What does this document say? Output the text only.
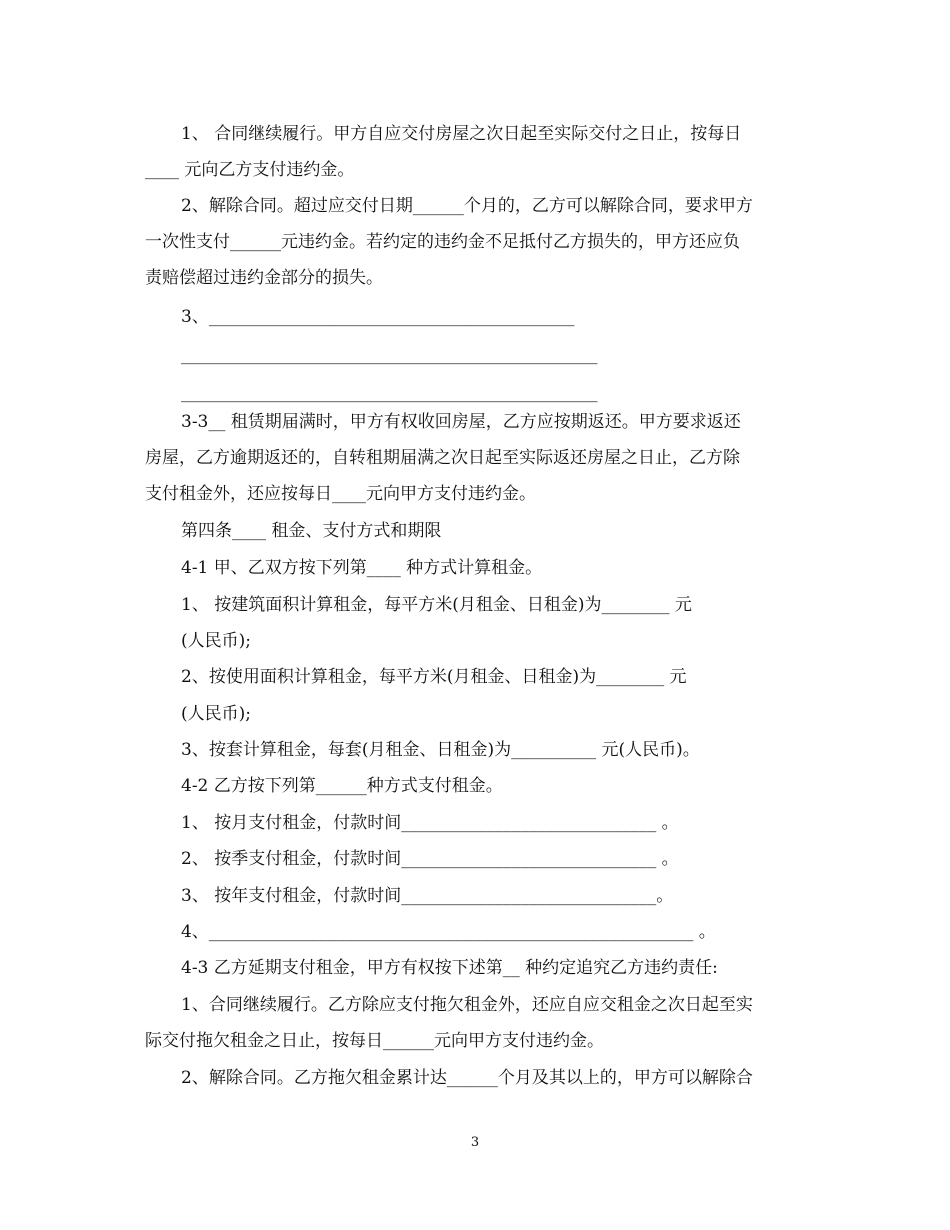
1、 合同继续履行。甲方自应交付房屋之次日起至实际交付之日止，按每日
____ 元向乙方支付违约金。
2、解除合同。超过应交付日期______个月的，乙方可以解除合同，要求甲方
一次性支付______元违约金。若约定的违约金不足抵付乙方损失的，甲方还应负
责赔偿超过违约金部分的损失。
3、___________________________________________
_________________________________________________
_________________________________________________
3-3__ 租赁期届满时，甲方有权收回房屋，乙方应按期返还。甲方要求返还
房屋，乙方逾期返还的，自转租期届满之次日起至实际返还房屋之日止，乙方除
支付租金外，还应按每日____元向甲方支付违约金。
第四条____ 租金、支付方式和期限
4-1 甲、乙双方按下列第____ 种方式计算租金。
1、 按建筑面积计算租金，每平方米(月租金、日租金)为________ 元
(人民币);
2、按使用面积计算租金，每平方米(月租金、日租金)为________ 元
(人民币);
3、按套计算租金，每套(月租金、日租金)为__________ 元(人民币)。
4-2 乙方按下列第______种方式支付租金。
1、 按月支付租金，付款时间______________________________ 。
2、 按季支付租金，付款时间______________________________ 。
3、 按年支付租金，付款时间______________________________。
4、_________________________________________________________ 。
4-3 乙方延期支付租金，甲方有权按下述第__ 种约定追究乙方违约责任:
1、合同继续履行。乙方除应支付拖欠租金外，还应自应交租金之次日起至实
际交付拖欠租金之日止，按每日______元向甲方支付违约金。
2、解除合同。乙方拖欠租金累计达______个月及其以上的，甲方可以解除合
3
